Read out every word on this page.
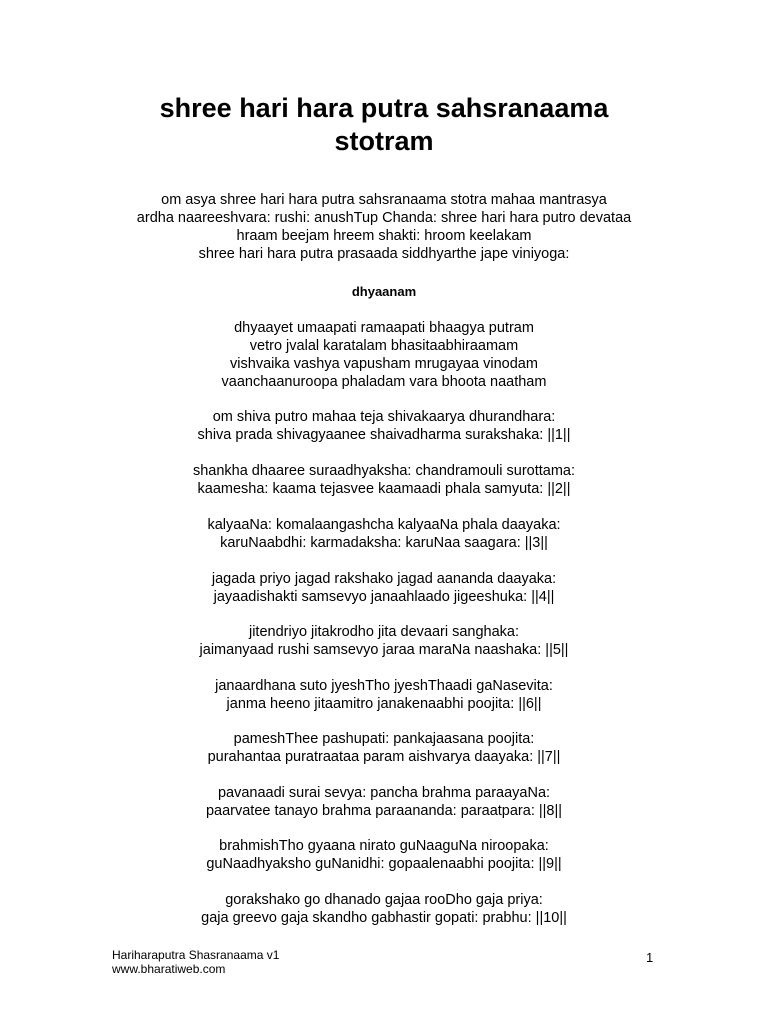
shree hari hara putra sahsranaama
stotram
om asya shree hari hara putra sahsranaama stotra mahaa mantrasya
ardha naareeshvara: rushi: anushTup Chanda: shree hari hara putro devataa
hraam beejam hreem shakti: hroom keelakam
shree hari hara putra prasaada siddhyarthe jape viniyoga:
dhyaanam
dhyaayet umaapati ramaapati bhaagya putram
vetro jvalal karatalam bhasitaabhiraamam
vishvaika vashya vapusham mrugayaa vinodam
vaanchaanuroopa phaladam vara bhoota naatham
om shiva putro mahaa teja shivakaarya dhurandhara:
shiva prada shivagyaanee shaivadharma surakshaka: ||1||
shankha dhaaree suraadhyaksha: chandramouli surottama:
kaamesha: kaama tejasvee kaamaadi phala samyuta: ||2||
kalyaaNa: komalaangashcha kalyaaNa phala daayaka:
karuNaabdhi: karmadaksha: karuNaa saagara: ||3||
jagada priyo jagad rakshako jagad aananda daayaka:
jayaadishakti samsevyo janaahlaado jigeeshuka: ||4||
jitendriyo jitakrodho jita devaari sanghaka:
jaimanyaad rushi samsevyo jaraa maraNa naashaka: ||5||
janaardhana suto jyeshTho jyeshThaadi gaNasevita:
janma heeno jitaamitro janakenaabhi poojita: ||6||
pameshThee pashupati: pankajaasana poojita:
purahantaa puratraataa param aishvarya daayaka: ||7||
pavanaadi surai sevya: pancha brahma paraayaNa:
paarvatee tanayo brahma paraananda: paraatpara: ||8||
brahmishTho gyaana nirato guNaaguNa niroopaka:
guNaadhyaksho guNanidhi: gopaalenaabhi poojita: ||9||
gorakshako go dhanado gajaa rooDho gaja priya:
gaja greevo gaja skandho gabhastir gopati: prabhu: ||10||
Hariharaputra Shasranaama v1
www.bharatiweb.com
1
